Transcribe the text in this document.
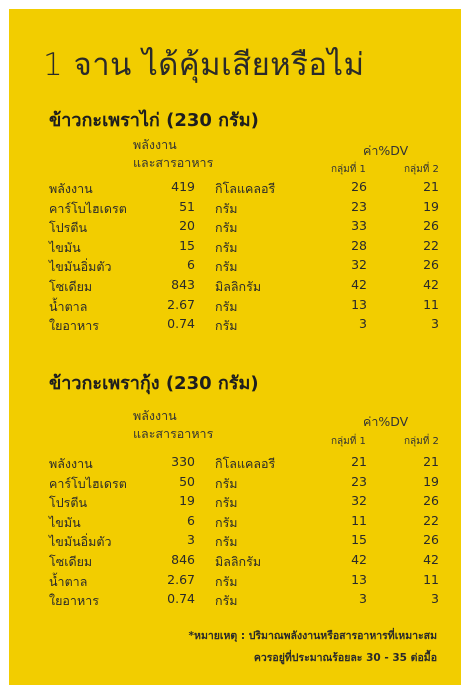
1 จาน ได้คุ้มเสียหรือไม่
ข้าวกะเพราไก่ (230 กรัม)
พลังงาน
และสารอาหาร
ค่า%DV
กลุ่มที่ 1	กลุ่มที่ 2
พลังงาน	419 กิโลแคลอรี	26	21
คาร์โบไฮเดรต	51 กรัม	23	19
โปรตีน	20 กรัม	33	26
ไขมัน	15 กรัม	28	22
ไขมันอิ่มตัว	6 กรัม	32	26
โซเดียม	843 มิลลิกรัม	42	42
น้ำตาล	2.67 กรัม	13	11
ใยอาหาร	0.74 กรัม	3	3
ข้าวกะเพรากุ้ง (230 กรัม)
พลังงาน
และสารอาหาร
ค่า%DV
กลุ่มที่ 1	กลุ่มที่ 2
พลังงาน	330 กิโลแคลอรี	21	21
คาร์โบไฮเดรต	50 กรัม	23	19
โปรตีน	19 กรัม	32	26
ไขมัน	6 กรัม	11	22
ไขมันอิ่มตัว	3 กรัม	15	26
โซเดียม	846 มิลลิกรัม	42	42
น้ำตาล	2.67 กรัม	13	11
ใยอาหาร	0.74 กรัม	3	3
*หมายเหตุ : ปริมาณพลังงานหรือสารอาหารที่เหมาะสม
ควรอยู่ที่ประมาณร้อยละ 30 - 35 ต่อมื้อ
